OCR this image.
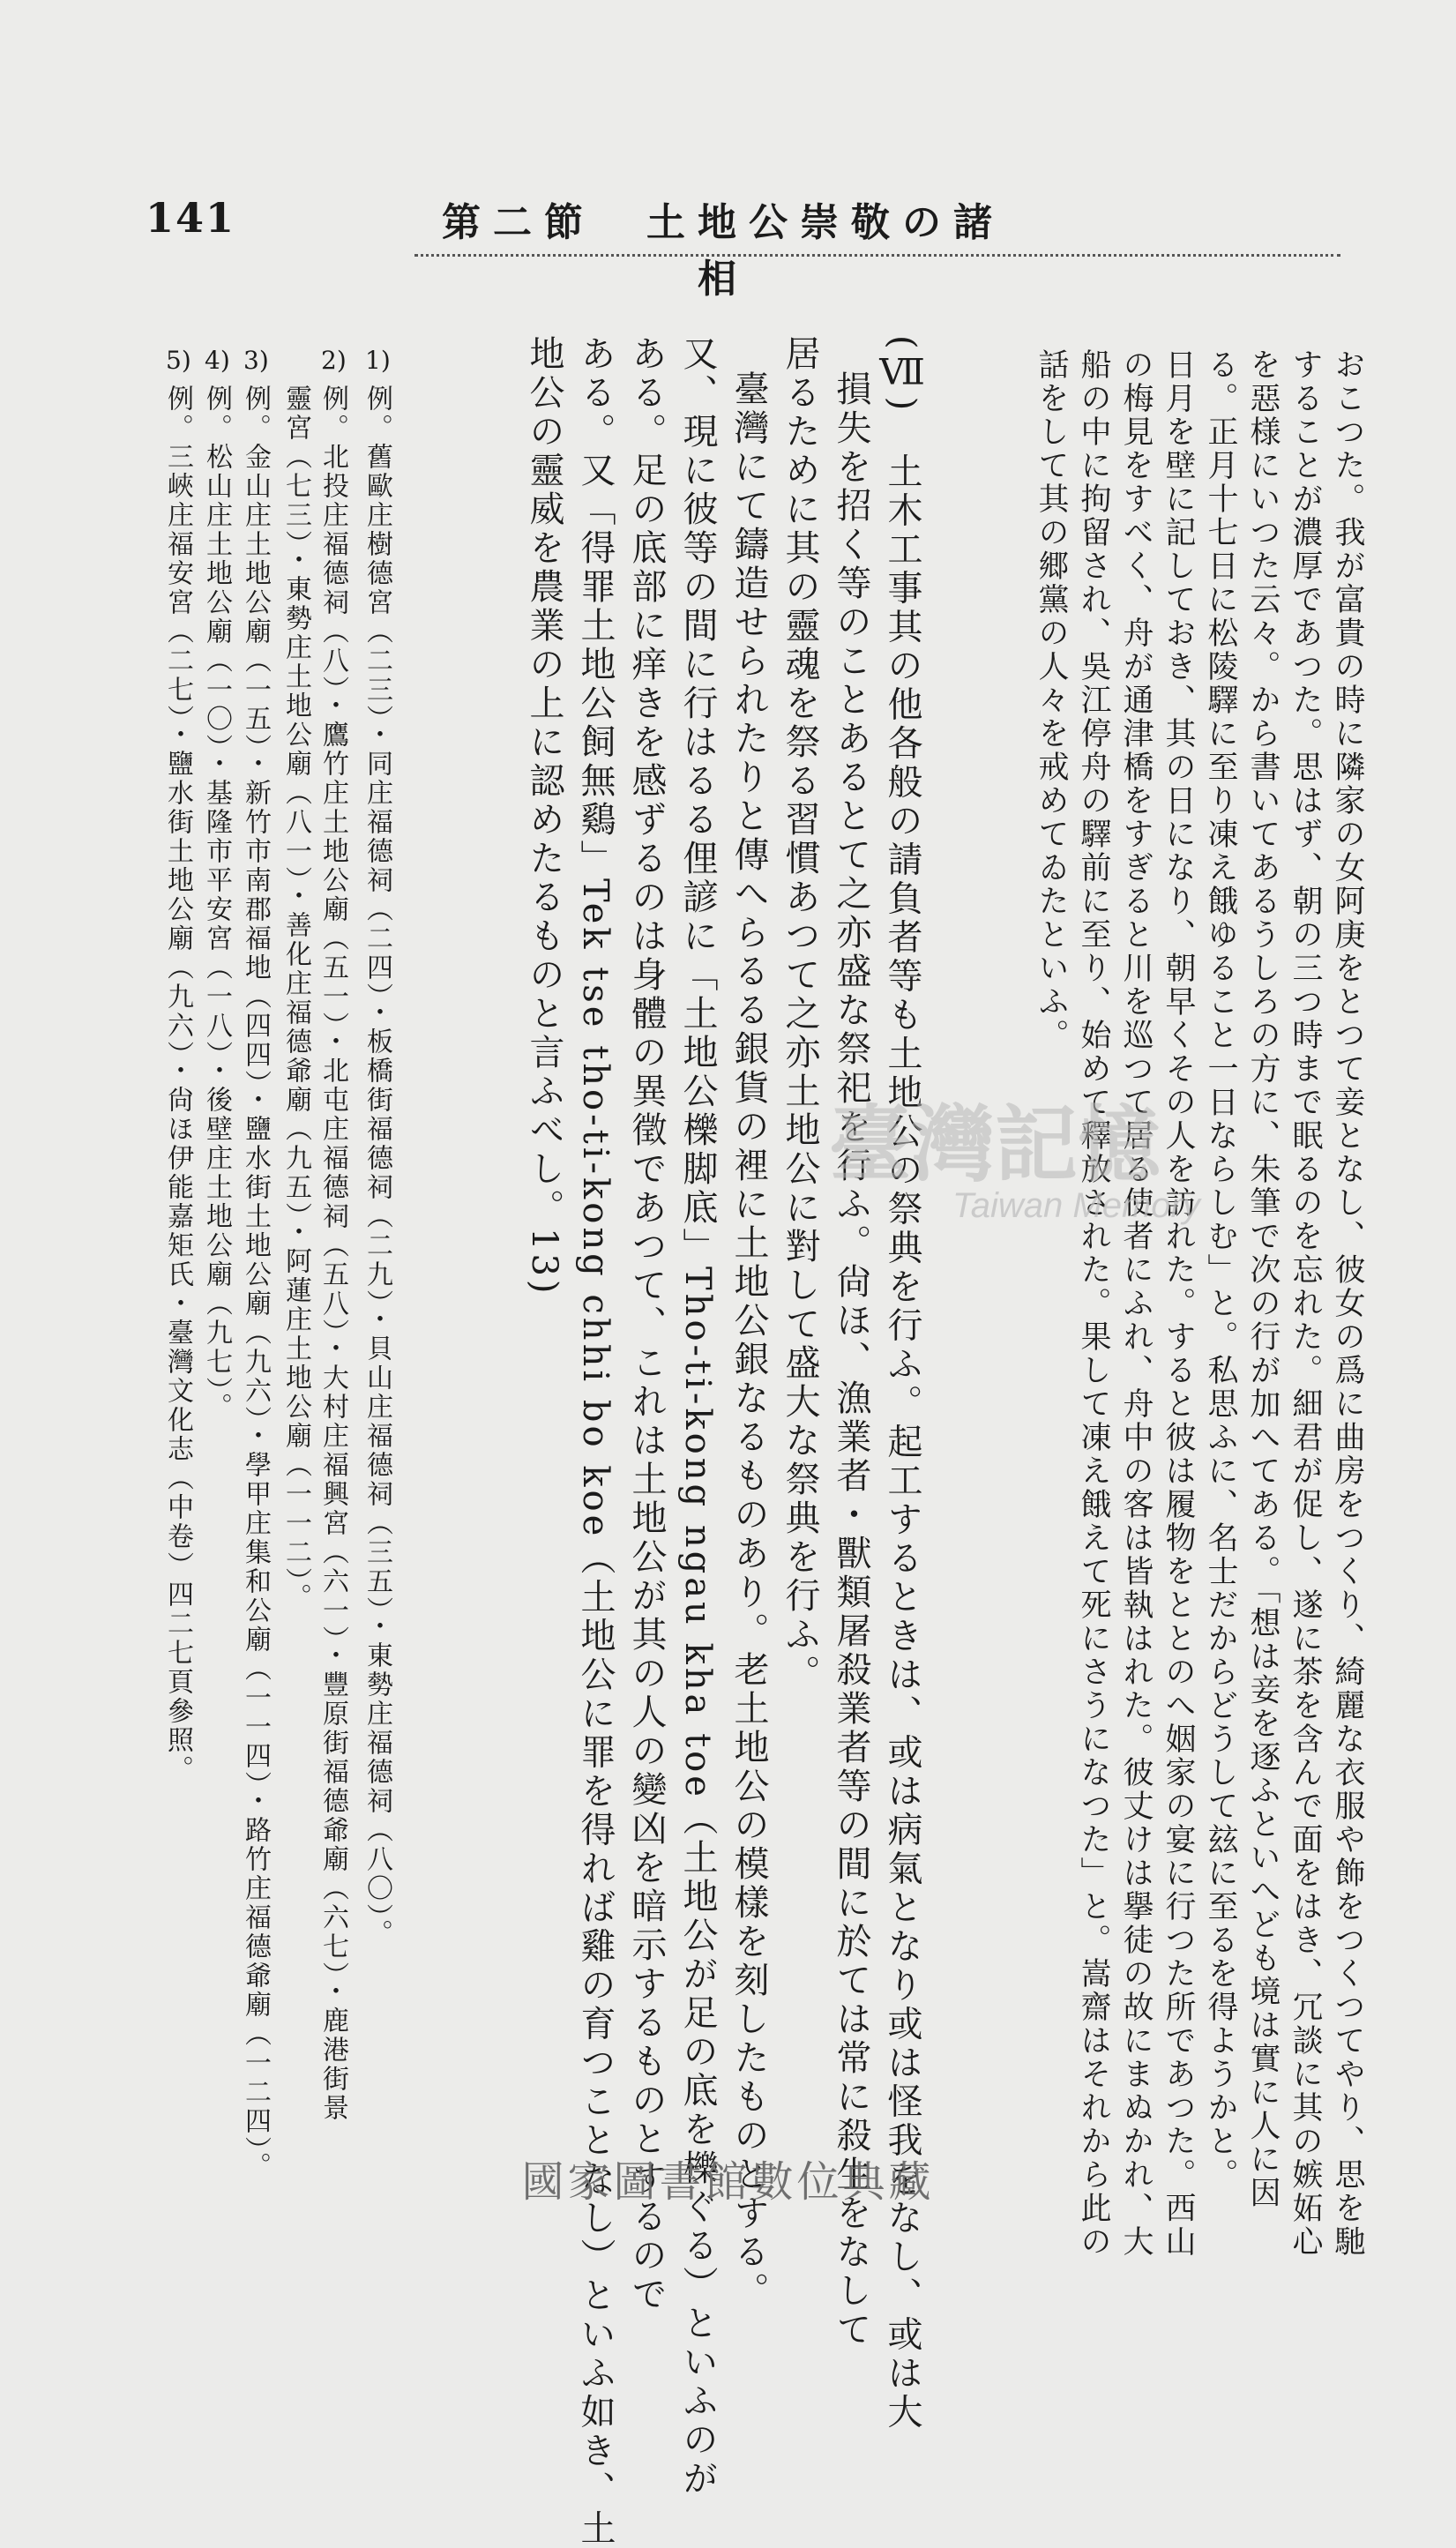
141	第二節　土地公崇敬の諸相
おこつた。我が富貴の時に隣家の女阿庚をとつて妾となし、彼女の爲に曲房をつくり、綺麗な衣服や飾をつくつてやり、思を馳
することが濃厚であつた。思はず、朝の三つ時まで眠るのを忘れた。細君が促し、遂に茶を含んで面をはき、冗談に其の嫉妬心
を惡様にいつた云々。から書いてあるうしろの方に、朱筆で次の行が加へてある。「想は妾を逐ふといへども境は實に人に因
る。正月十七日に松陵驛に至り凍え餓ゆること一日ならしむ」と。私思ふに、名士だからどうして玆に至るを得ようかと。
日月を壁に記しておき、其の日になり、朝早くその人を訪れた。すると彼は履物をととのへ姻家の宴に行つた所であつた。西山
の梅見をすべく、舟が通津橋をすぎると川を巡つて居る使者にふれ、舟中の客は皆執はれた。彼丈けは擧徒の故にまぬかれ、大
船の中に拘留され、吳江停舟の驛前に至り、始めて釋放された。果して凍え餓えて死にさうになつた」と。嵩齋はそれから此の
話をして其の郷黨の人々を戒めてゐたといふ。
(Ⅶ)　土木工事其の他各般の請負者等も土地公の祭典を行ふ。起工するときは、或は病氣となり或は怪我をなし、或は大
損失を招く等のことあるとて之亦盛な祭祀を行ふ。尙ほ、漁業者・獸類屠殺業者等の間に於ては常に殺生をなして
居るために其の靈魂を祭る習慣あつて之亦土地公に對して盛大な祭典を行ふ。
臺灣にて鑄造せられたりと傳へらるる銀貨の裡に土地公銀なるものあり。老土地公の模樣を刻したものとする。
又、現に彼等の間に行はるる俚諺に「土地公櫟脚底」Tho-ti-kong ngau kha toe（土地公が足の底を櫟ぐる）といふのが
ある。足の底部に痒きを感ずるのは身體の異徵であつて、これは土地公が其の人の變凶を暗示するものとするので
ある。又「得罪土地公飼無鷄」Tek tse tho-ti-kong chhi bo koe（土地公に罪を得れば雞の育つことなし）といふ如き、土
地公の靈威を農業の上に認めたるものと言ふべし。13)
1)
例。舊歐庄樹德宮（二三）・同庄福德祠（二四）・板橋街福德祠（二九）・貝山庄福德祠（三五）・東勢庄福德祠（八〇）。
2)
例。北投庄福德祠（八）・鷹竹庄土地公廟（五一）・北屯庄福德祠（五八）・大村庄福興宮（六一）・豐原街福德爺廟（六七）・鹿港街景
靈宮（七三）・東勢庄土地公廟（八一）・善化庄福德爺廟（九五）・阿蓮庄土地公廟（一一二）。
3)
例。金山庄土地公廟（一五）・新竹市南郡福地（四四）・鹽水街土地公廟（九六）・學甲庄集和公廟（一一四）・路竹庄福德爺廟（一二四）。
4)
例。松山庄土地公廟（一〇）・基隆市平安宮（一八）・後壁庄土地公廟（九七）。
5)
例。三峽庄福安宮（二七）・鹽水街土地公廟（九六）・尙ほ伊能嘉矩氏・臺灣文化志（中卷）四二七頁參照。	臺灣記憶
Taiwan Memory
國家圖書館數位典藏
